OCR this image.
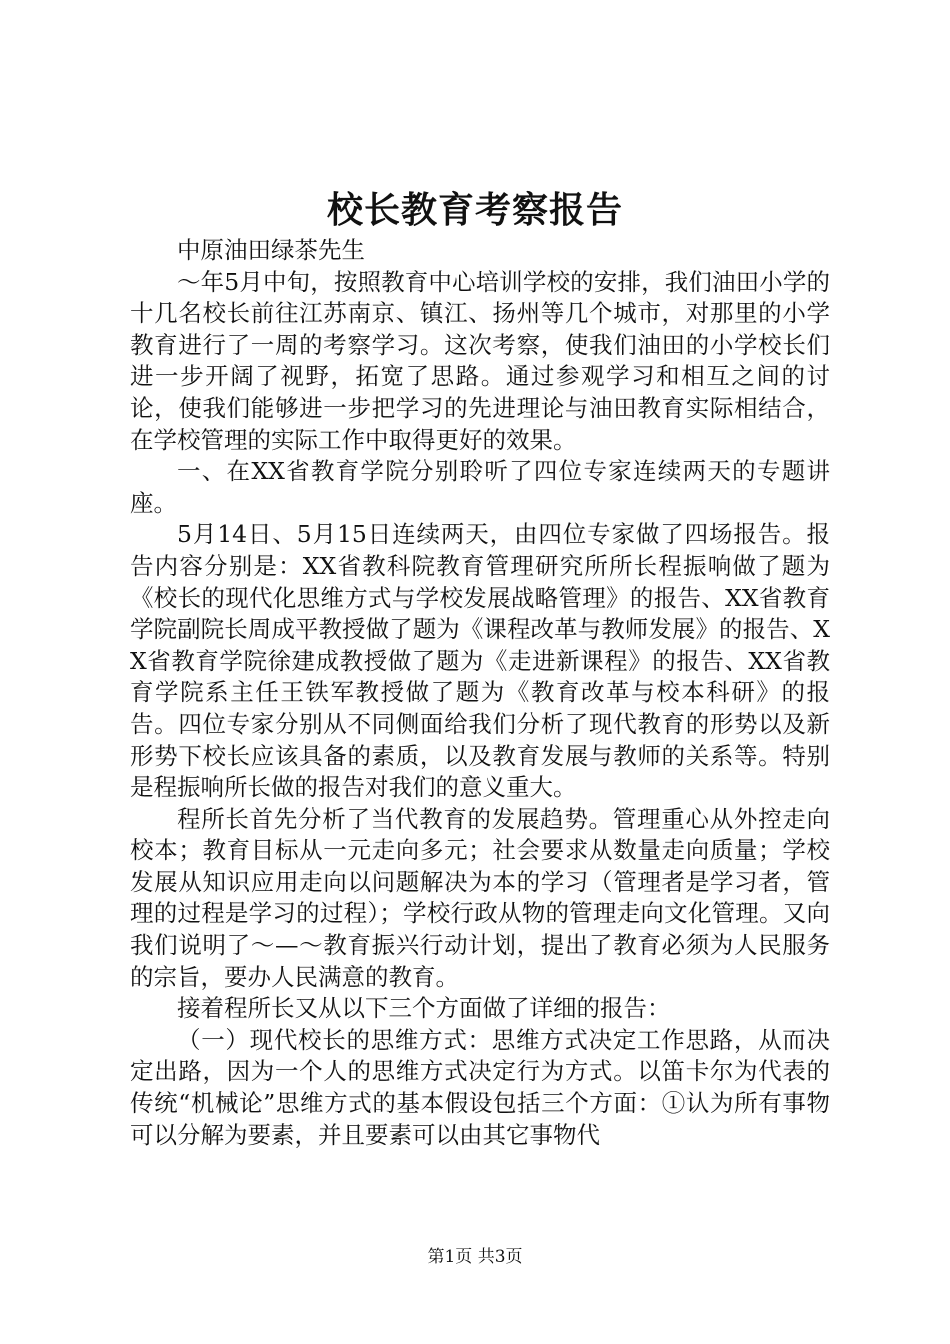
校长教育考察报告

中原油田绿茶先生

～年5月中旬，按照教育中心培训学校的安排，我们油田小学的十几名校长前往江苏南京、镇江、扬州等几个城市，对那里的小学教育进行了一周的考察学习。这次考察，使我们油田的小学校长们进一步开阔了视野，拓宽了思路。通过参观学习和相互之间的讨论，使我们能够进一步把学习的先进理论与油田教育实际相结合，在学校管理的实际工作中取得更好的效果。

一、在XX省教育学院分别聆听了四位专家连续两天的专题讲座。

5月14日、5月15日连续两天，由四位专家做了四场报告。报告内容分别是：XX省教科院教育管理研究所所长程振响做了题为《校长的现代化思维方式与学校发展战略管理》的报告、XX省教育学院副院长周成平教授做了题为《课程改革与教师发展》的报告、XX省教育学院徐建成教授做了题为《走进新课程》的报告、XX省教育学院系主任王铁军教授做了题为《教育改革与校本科研》的报告。四位专家分别从不同侧面给我们分析了现代教育的形势以及新形势下校长应该具备的素质，以及教育发展与教师的关系等。特别是程振响所长做的报告对我们的意义重大。

程所长首先分析了当代教育的发展趋势。管理重心从外控走向校本；教育目标从一元走向多元；社会要求从数量走向质量；学校发展从知识应用走向以问题解决为本的学习（管理者是学习者，管理的过程是学习的过程）；学校行政从物的管理走向文化管理。又向我们说明了～—～教育振兴行动计划，提出了教育必须为人民服务的宗旨，要办人民满意的教育。

接着程所长又从以下三个方面做了详细的报告：

（一）现代校长的思维方式：思维方式决定工作思路，从而决定出路，因为一个人的思维方式决定行为方式。以笛卡尔为代表的传统“机械论”思维方式的基本假设包括三个方面：①认为所有事物可以分解为要素，并且要素可以由其它事物代

第1页 共3页
